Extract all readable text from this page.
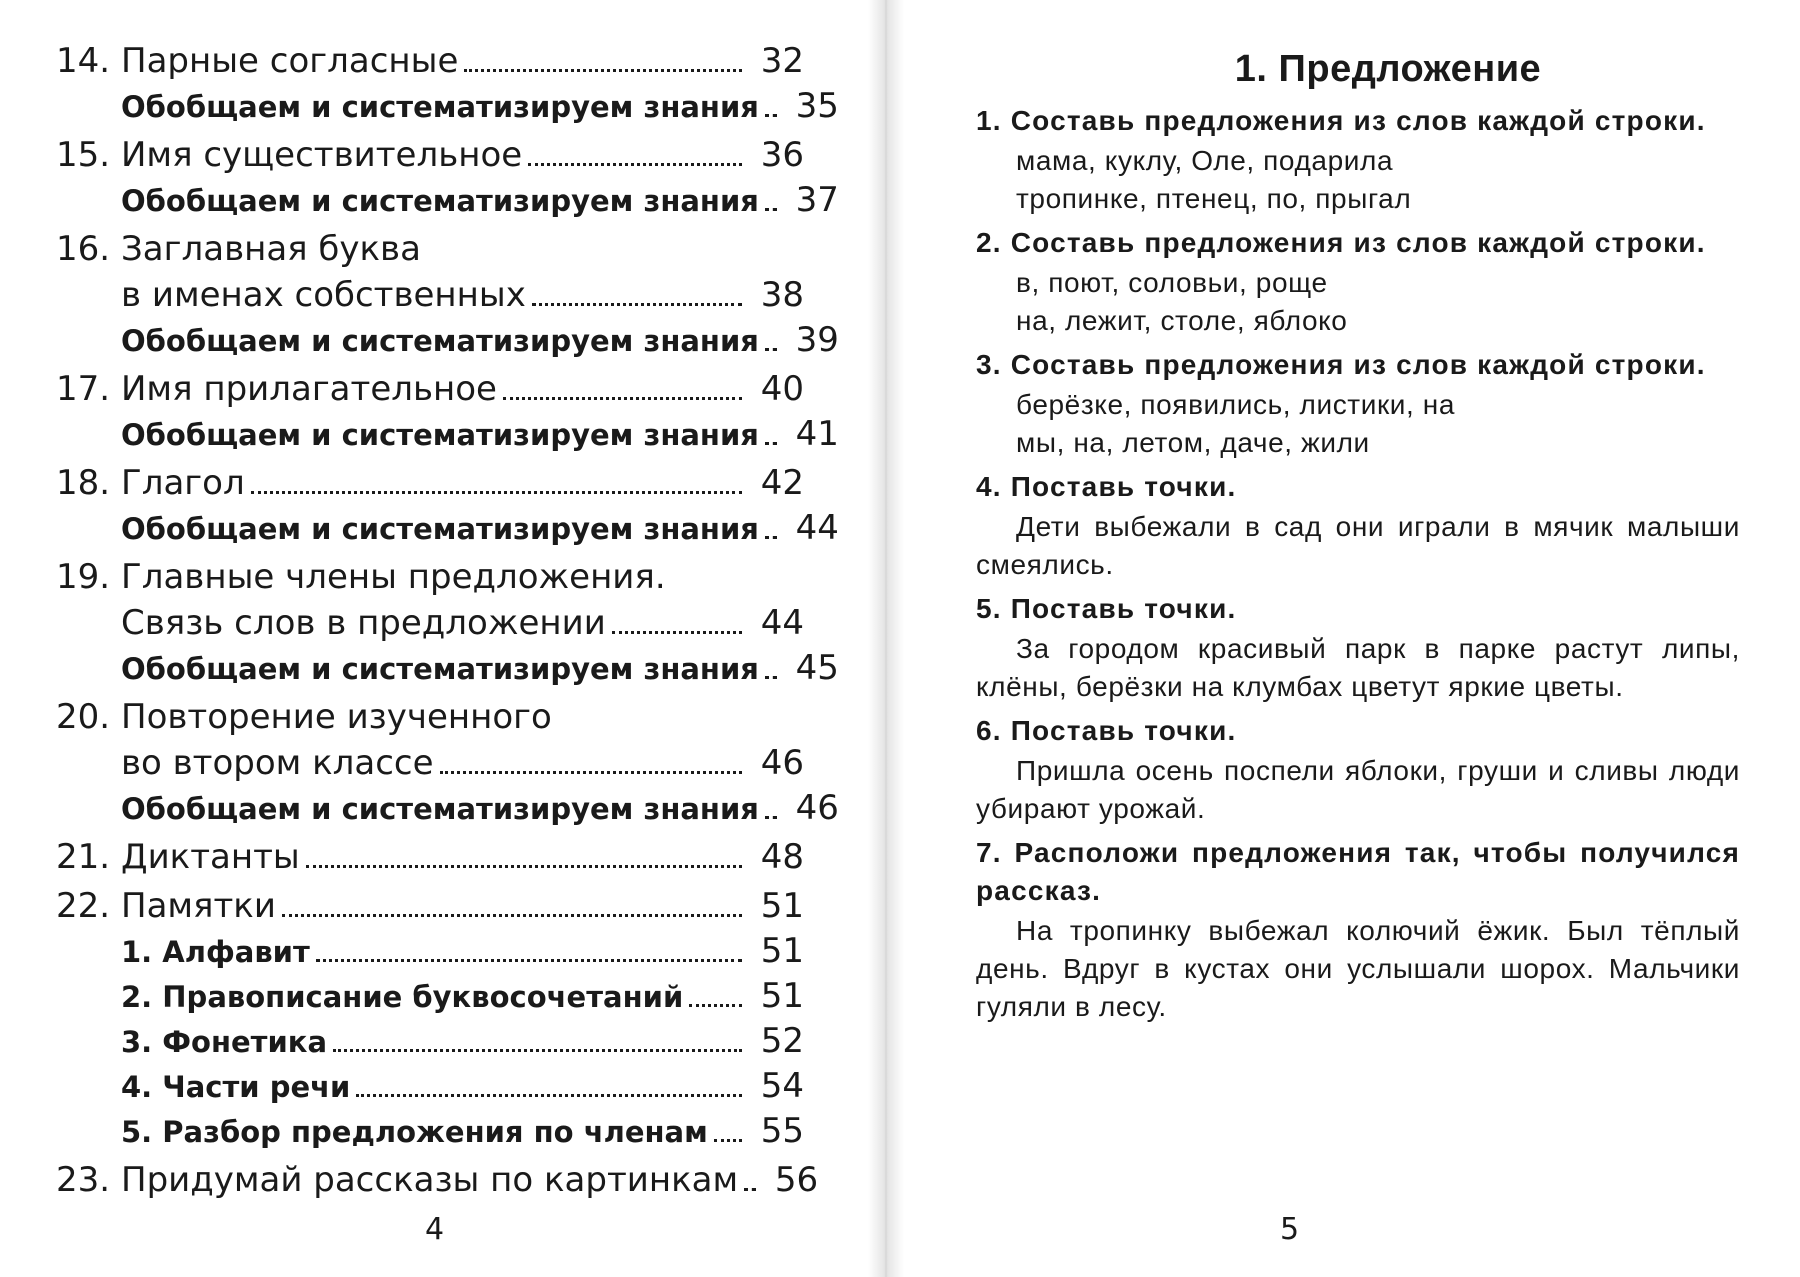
14. Парные согласные	32
Обобщаем и систематизируем знания	35
15. Имя существительное	36
Обобщаем и систематизируем знания	37
16. Заглавная буква
в именах собственных	38
Обобщаем и систематизируем знания	39
17. Имя прилагательное	40
Обобщаем и систематизируем знания	41
18. Глагол	42
Обобщаем и систематизируем знания	44
19. Главные члены предложения.
Связь слов в предложении	44
Обобщаем и систематизируем знания	45
20. Повторение изученного
во втором классе	46
Обобщаем и систематизируем знания	46
21. Диктанты	48
22. Памятки	51
1. Алфавит	51
2. Правописание буквосочетаний	51
3. Фонетика	52
4. Части речи	54
5. Разбор предложения по членам	55
23. Придумай рассказы по картинкам	56
4
1. Предложение

1. Составь предложения из слов каждой строки.

мама, куклу, Оле, подарила
тропинке, птенец, по, прыгал

2. Составь предложения из слов каждой строки.

в, поют, соловьи, роще
на, лежит, столе, яблоко

3. Составь предложения из слов каждой строки.

берёзке, появились, листики, на
мы, на, летом, даче, жили

4. Поставь точки.

Дети выбежали в сад они играли в мячик малыши смеялись.

5. Поставь точки.

За городом красивый парк в парке растут липы, клёны, берёзки на клумбах цветут яркие цветы.

6. Поставь точки.

Пришла осень поспели яблоки, груши и сливы люди убирают урожай.

7. Расположи предложения так, чтобы получился рассказ.

На тропинку выбежал колючий ёжик. Был тёплый день. Вдруг в кустах они услышали шорох. Мальчики гуляли в лесу.

5
